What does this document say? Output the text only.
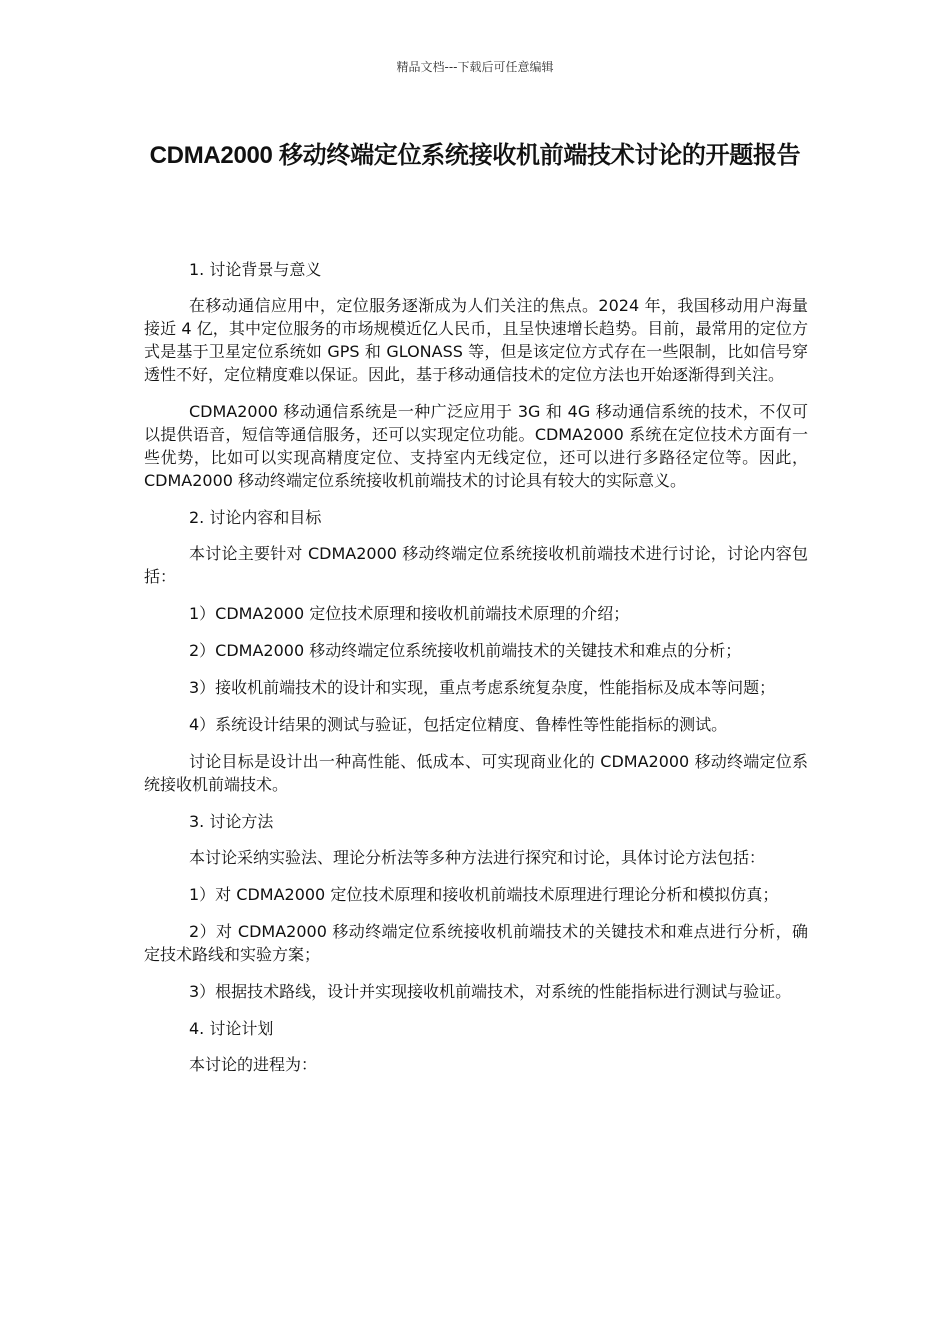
精品文档---下载后可任意编辑
CDMA2000 移动终端定位系统接收机前端技术讨论的开题报告

1. 讨论背景与意义

在移动通信应用中，定位服务逐渐成为人们关注的焦点。2024 年，我国移动用户海量接近 4 亿，其中定位服务的市场规模近亿人民币，且呈快速增长趋势。目前，最常用的定位方式是基于卫星定位系统如 GPS 和 GLONASS 等，但是该定位方式存在一些限制，比如信号穿透性不好，定位精度难以保证。因此，基于移动通信技术的定位方法也开始逐渐得到关注。

CDMA2000 移动通信系统是一种广泛应用于 3G 和 4G 移动通信系统的技术，不仅可以提供语音，短信等通信服务，还可以实现定位功能。CDMA2000 系统在定位技术方面有一些优势，比如可以实现高精度定位、支持室内无线定位，还可以进行多路径定位等。因此，CDMA2000 移动终端定位系统接收机前端技术的讨论具有较大的实际意义。

2. 讨论内容和目标

本讨论主要针对 CDMA2000 移动终端定位系统接收机前端技术进行讨论，讨论内容包括：

1）CDMA2000 定位技术原理和接收机前端技术原理的介绍；

2）CDMA2000 移动终端定位系统接收机前端技术的关键技术和难点的分析；

3）接收机前端技术的设计和实现，重点考虑系统复杂度，性能指标及成本等问题；

4）系统设计结果的测试与验证，包括定位精度、鲁棒性等性能指标的测试。

讨论目标是设计出一种高性能、低成本、可实现商业化的 CDMA2000 移动终端定位系统接收机前端技术。

3. 讨论方法

本讨论采纳实验法、理论分析法等多种方法进行探究和讨论，具体讨论方法包括：

1）对 CDMA2000 定位技术原理和接收机前端技术原理进行理论分析和模拟仿真；

2）对 CDMA2000 移动终端定位系统接收机前端技术的关键技术和难点进行分析，确定技术路线和实验方案；

3）根据技术路线，设计并实现接收机前端技术，对系统的性能指标进行测试与验证。

4. 讨论计划

本讨论的进程为：
